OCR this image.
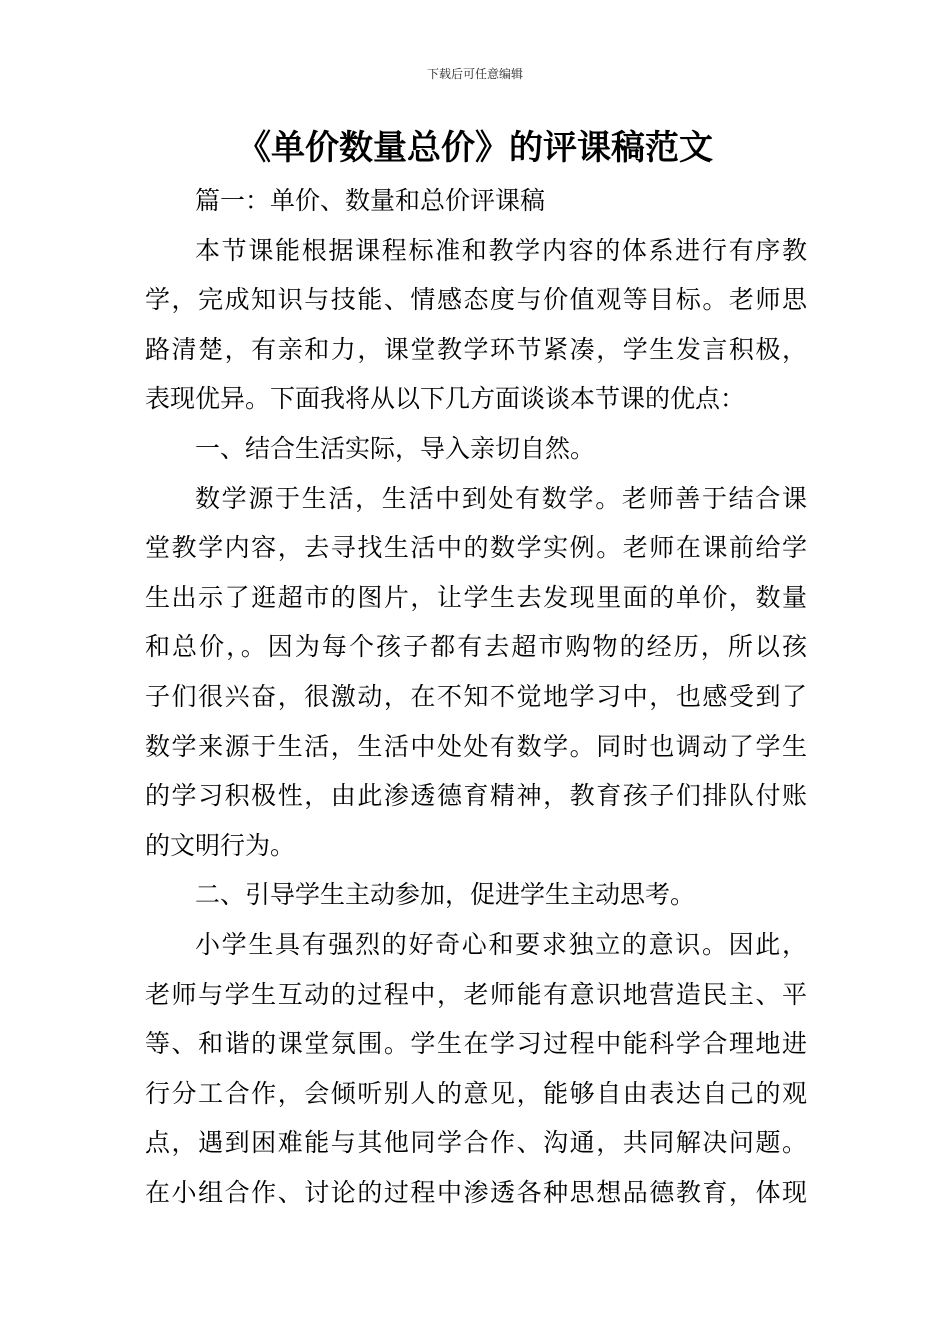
下载后可任意编辑
《单价数量总价》的评课稿范文
篇一：单价、数量和总价评课稿
本节课能根据课程标准和教学内容的体系进行有序教
学，完成知识与技能、情感态度与价值观等目标。老师思
路清楚，有亲和力，课堂教学环节紧凑，学生发言积极，
表现优异。下面我将从以下几方面谈谈本节课的优点：
一、结合生活实际，导入亲切自然。
数学源于生活，生活中到处有数学。老师善于结合课
堂教学内容，去寻找生活中的数学实例。老师在课前给学
生出示了逛超市的图片，让学生去发现里面的单价，数量
和总价，。因为每个孩子都有去超市购物的经历，所以孩
子们很兴奋，很激动，在不知不觉地学习中，也感受到了
数学来源于生活，生活中处处有数学。同时也调动了学生
的学习积极性，由此渗透德育精神，教育孩子们排队付账
的文明行为。
二、引导学生主动参加，促进学生主动思考。
小学生具有强烈的好奇心和要求独立的意识。因此，
老师与学生互动的过程中，老师能有意识地营造民主、平
等、和谐的课堂氛围。学生在学习过程中能科学合理地进
行分工合作，会倾听别人的意见，能够自由表达自己的观
点，遇到困难能与其他同学合作、沟通，共同解决问题。
在小组合作、讨论的过程中渗透各种思想品德教育，体现
